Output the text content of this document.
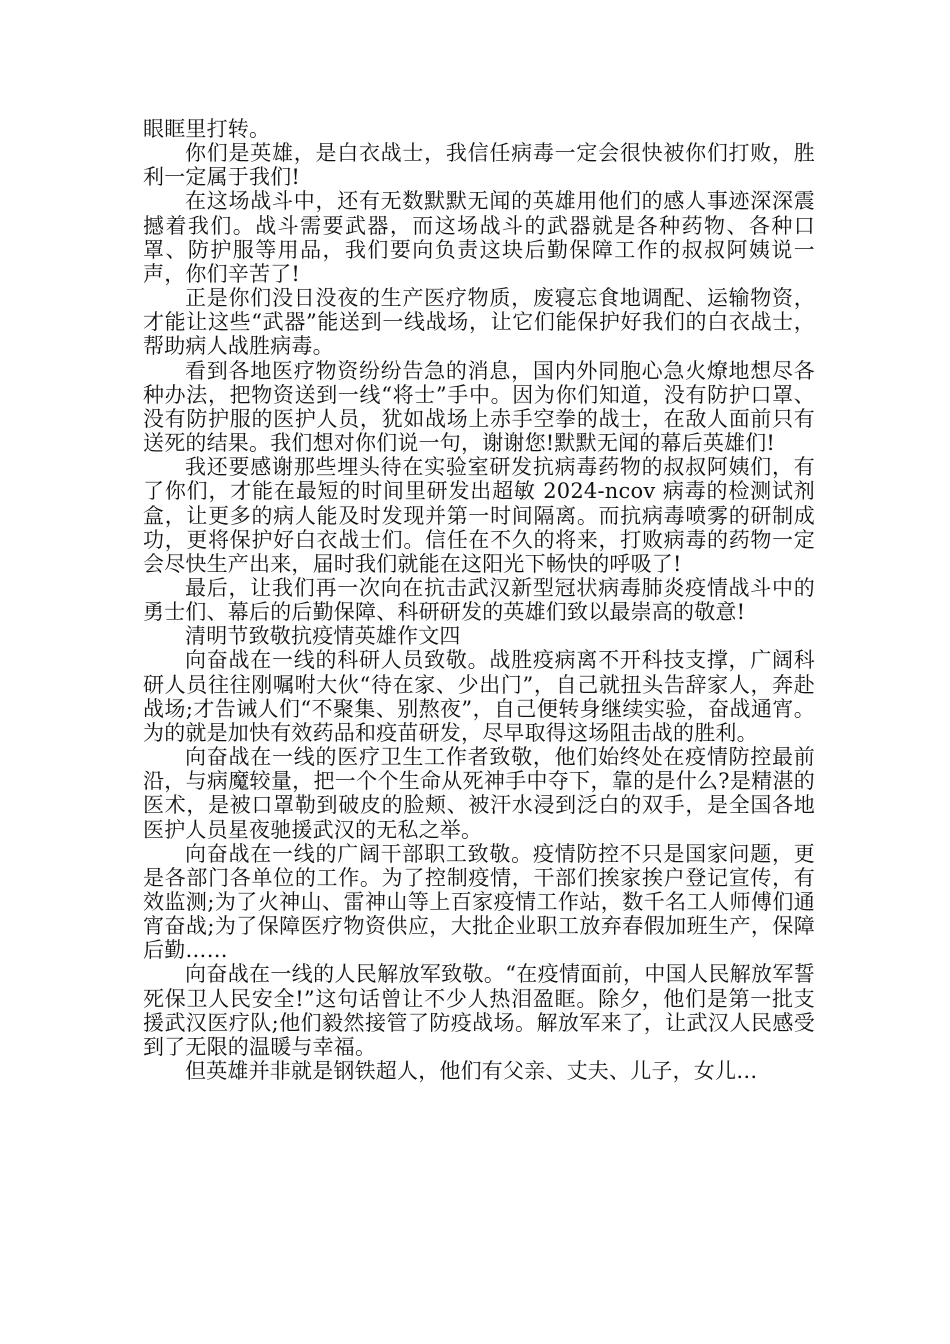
眼眶里打转。

你们是英雄，是白衣战士，我信任病毒一定会很快被你们打败，胜利一定属于我们!

在这场战斗中，还有无数默默无闻的英雄用他们的感人事迹深深震撼着我们。战斗需要武器，而这场战斗的武器就是各种药物、各种口罩、防护服等用品，我们要向负责这块后勤保障工作的叔叔阿姨说一声，你们辛苦了!

正是你们没日没夜的生产医疗物质，废寝忘食地调配、运输物资，才能让这些“武器”能送到一线战场，让它们能保护好我们的白衣战士，帮助病人战胜病毒。

看到各地医疗物资纷纷告急的消息，国内外同胞心急火燎地想尽各种办法，把物资送到一线“将士”手中。因为你们知道，没有防护口罩、没有防护服的医护人员，犹如战场上赤手空拳的战士，在敌人面前只有送死的结果。我们想对你们说一句，谢谢您!默默无闻的幕后英雄们!

我还要感谢那些埋头待在实验室研发抗病毒药物的叔叔阿姨们，有了你们，才能在最短的时间里研发出超敏 2024-ncov 病毒的检测试剂盒，让更多的病人能及时发现并第一时间隔离。而抗病毒喷雾的研制成功，更将保护好白衣战士们。信任在不久的将来，打败病毒的药物一定会尽快生产出来，届时我们就能在这阳光下畅快的呼吸了!

最后，让我们再一次向在抗击武汉新型冠状病毒肺炎疫情战斗中的勇士们、幕后的后勤保障、科研研发的英雄们致以最崇高的敬意!

清明节致敬抗疫情英雄作文四

向奋战在一线的科研人员致敬。战胜疫病离不开科技支撑，广阔科研人员往往刚嘱咐大伙“待在家、少出门”，自己就扭头告辞家人，奔赴战场;才告诫人们“不聚集、别熬夜”，自己便转身继续实验，奋战通宵。为的就是加快有效药品和疫苗研发，尽早取得这场阻击战的胜利。

向奋战在一线的医疗卫生工作者致敬，他们始终处在疫情防控最前沿，与病魔较量，把一个个生命从死神手中夺下，靠的是什么?是精湛的医术，是被口罩勒到破皮的脸颊、被汗水浸到泛白的双手，是全国各地医护人员星夜驰援武汉的无私之举。

向奋战在一线的广阔干部职工致敬。疫情防控不只是国家问题，更是各部门各单位的工作。为了控制疫情，干部们挨家挨户登记宣传，有效监测;为了火神山、雷神山等上百家疫情工作站，数千名工人师傅们通宵奋战;为了保障医疗物资供应，大批企业职工放弃春假加班生产，保障后勤……

向奋战在一线的人民解放军致敬。“在疫情面前，中国人民解放军誓死保卫人民安全!”这句话曾让不少人热泪盈眶。除夕，他们是第一批支援武汉医疗队;他们毅然接管了防疫战场。解放军来了，让武汉人民感受到了无限的温暖与幸福。

但英雄并非就是钢铁超人，他们有父亲、丈夫、儿子，女儿…
